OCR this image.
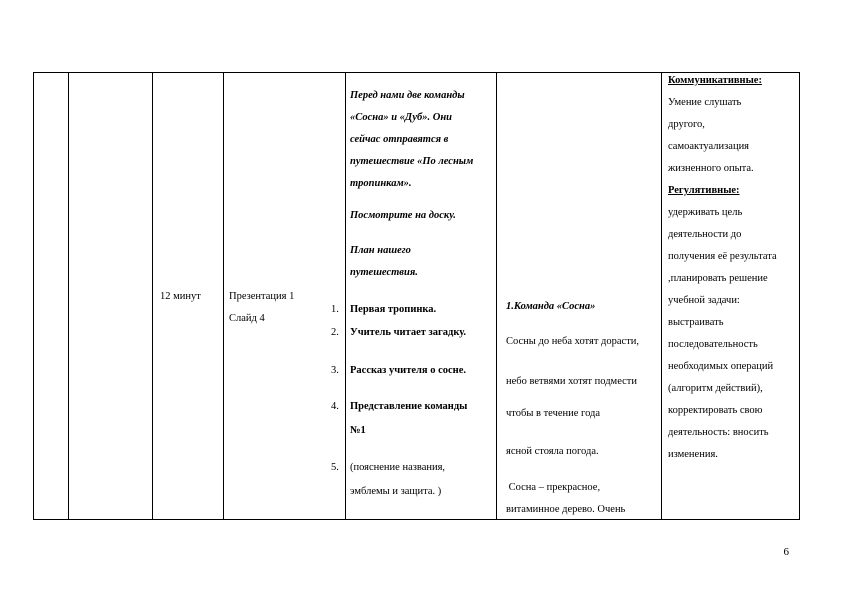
12 минут	Презентация 1
Слайд 4
Перед нами две команды
«Сосна» и «Дуб». Они
сейчас отправятся в
путешествие «По лесным
тропинкам».
Посмотрите на доску.
План нашего
путешествия.
1.
2.
3.
4.
5.
Первая тропинка.
Учитель читает загадку.
Рассказ учителя о сосне.
Представление команды
№1
(пояснение названия,
эмблемы и защита. )
1.Команда «Сосна»
Сосны до неба хотят дорасти,
небо ветвями хотят подмести
чтобы в течение года
ясной стояла погода.
Сосна – прекрасное,
витаминное дерево. Очень
Коммуникативные:
Умение слушать
другого,
самоактуализация
жизненного опыта.
Регулятивные:
удерживать цель
деятельности до
получения её результата
,планировать решение
учебной задачи:
выстраивать
последовательность
необходимых операций
(алгоритм действий),
корректировать свою
деятельность: вносить
изменения.
6
